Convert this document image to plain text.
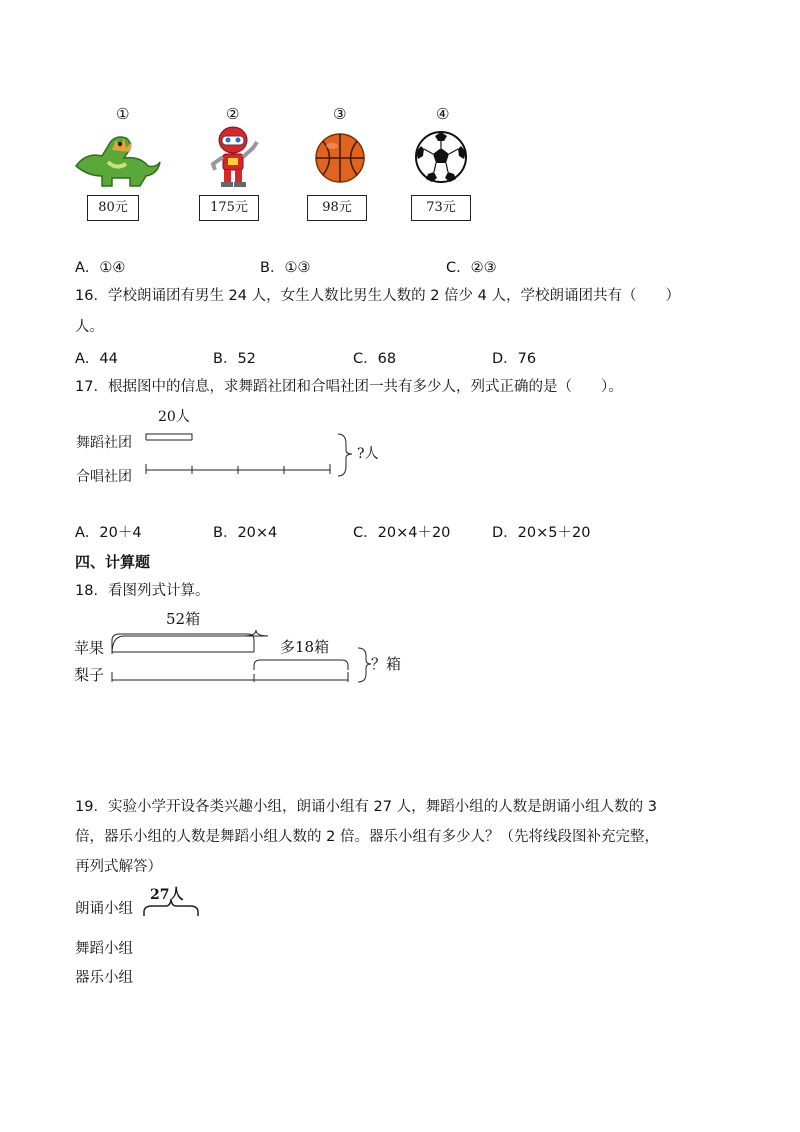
①
80元
②
175元
③
98元
④
73元
A．①④	B．①③	C．②③
16．学校朗诵团有男生 24 人，女生人数比男生人数的 2 倍少 4 人，学校朗诵团共有（　　）
人。
A．44	B．52	C．68	D．76
17．根据图中的信息，求舞蹈社团和合唱社团一共有多少人，列式正确的是（　　）。
舞蹈社团
合唱社团
20人
?人
A．20＋4	B．20×4	C．20×4＋20	D．20×5＋20
四、计算题
18．看图列式计算。
52箱
多18箱
苹果
梨子
？箱
19．实验小学开设各类兴趣小组，朗诵小组有 27 人，舞蹈小组的人数是朗诵小组人数的 3
倍，器乐小组的人数是舞蹈小组人数的 2 倍。器乐小组有多少人？（先将线段图补充完整，
再列式解答）
朗诵小组
27人
舞蹈小组
器乐小组
